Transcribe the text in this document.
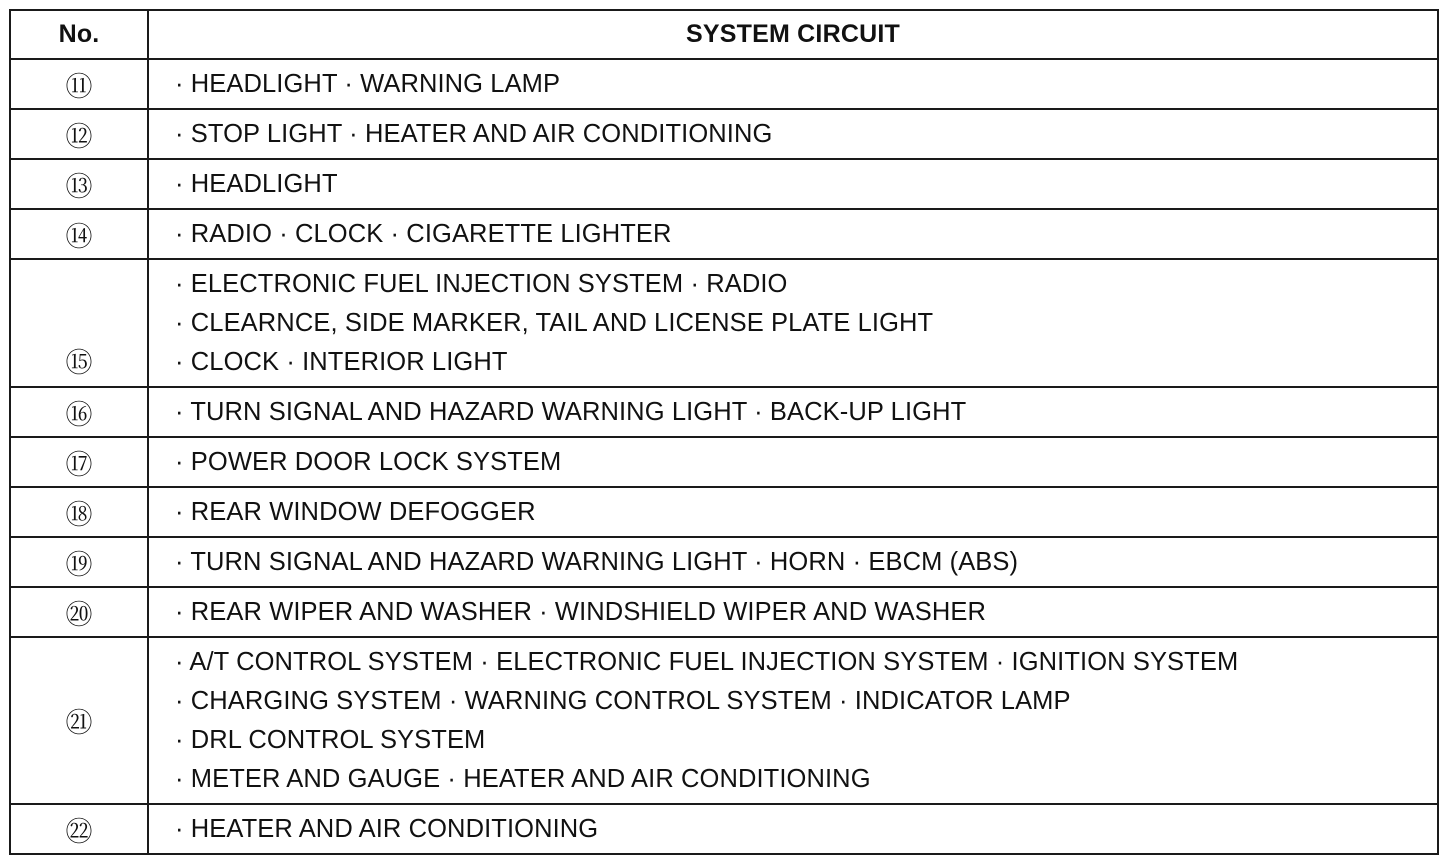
No.	SYSTEM CIRCUIT
⑪	· HEADLIGHT · WARNING LAMP

⑫	· STOP LIGHT · HEATER AND AIR CONDITIONING

⑬	· HEADLIGHT

⑭	· RADIO · CLOCK · CIGARETTE LIGHTER

⑮	· ELECTRONIC FUEL INJECTION SYSTEM · RADIO
· CLEARNCE, SIDE MARKER, TAIL AND LICENSE PLATE LIGHT
· CLOCK · INTERIOR LIGHT

⑯	· TURN SIGNAL AND HAZARD WARNING LIGHT · BACK-UP LIGHT

⑰	· POWER DOOR LOCK SYSTEM

⑱	· REAR WINDOW DEFOGGER

⑲	· TURN SIGNAL AND HAZARD WARNING LIGHT · HORN · EBCM (ABS)

⑳	· REAR WIPER AND WASHER · WINDSHIELD WIPER AND WASHER

㉑	· A/T CONTROL SYSTEM · ELECTRONIC FUEL INJECTION SYSTEM · IGNITION SYSTEM
· CHARGING SYSTEM · WARNING CONTROL SYSTEM · INDICATOR LAMP
· DRL CONTROL SYSTEM
· METER AND GAUGE · HEATER AND AIR CONDITIONING

㉒	· HEATER AND AIR CONDITIONING
